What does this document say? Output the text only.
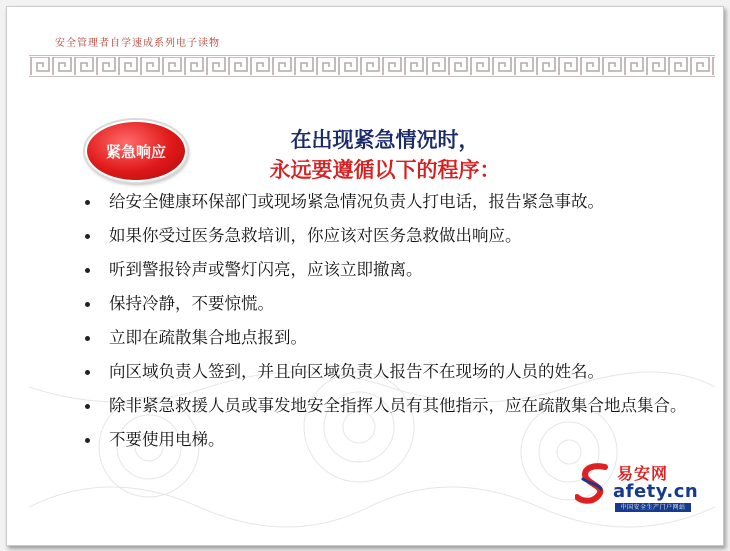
安全管理者自学速成系列电子读物
紧急响应	在出现紧急情况时，
永远要遵循以下的程序：
给安全健康环保部门或现场紧急情况负责人打电话，报告紧急事故。
如果你受过医务急救培训，你应该对医务急救做出响应。
听到警报铃声或警灯闪亮，应该立即撤离。
保持冷静，不要惊慌。
立即在疏散集合地点报到。
向区域负责人签到，并且向区域负责人报告不在现场的人员的姓名。
除非紧急救援人员或事发地安全指挥人员有其他指示，应在疏散集合地点集合。
不要使用电梯。
易安网
afety.cn
中国安全生产门户网站
